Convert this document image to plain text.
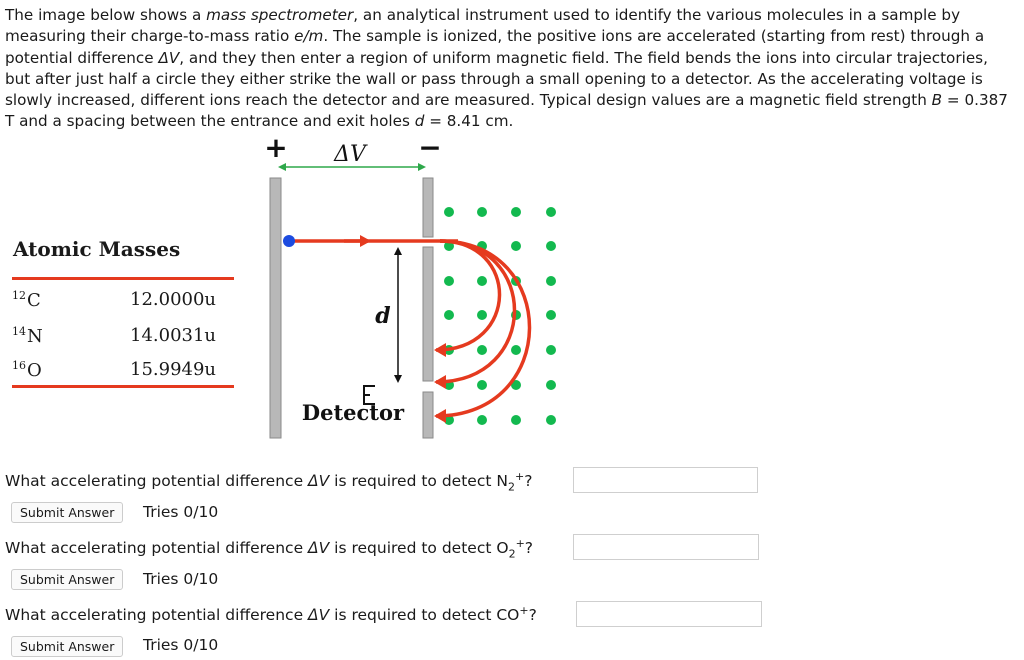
The image below shows a mass spectrometer, an analytical instrument used to identify the various molecules in a sample by measuring their charge-to-mass ratio e/m. The sample is ionized, the positive ions are accelerated (starting from rest) through a potential difference ΔV, and they then enter a region of uniform magnetic field. The field bends the ions into circular trajectories, but after just half a circle they either strike the wall or pass through a small opening to a detector. As the accelerating voltage is slowly increased, different ions reach the detector and are measured. Typical design values are a magnetic field strength B = 0.387 T and a spacing between the entrance and exit holes d = 8.41 cm.

+	−
ΔV
d
Detector
Atomic Masses
$^{12}$C	12.0000u
$^{14}$N	14.0031u
$^{16}$O	15.9949u
What accelerating potential difference ΔV is required to detect $N_2^+$?
Submit Answer	Tries 0/10
What accelerating potential difference ΔV is required to detect $O_2^+$?
Submit Answer	Tries 0/10
What accelerating potential difference ΔV is required to detect CO+?
Submit Answer	Tries 0/10
